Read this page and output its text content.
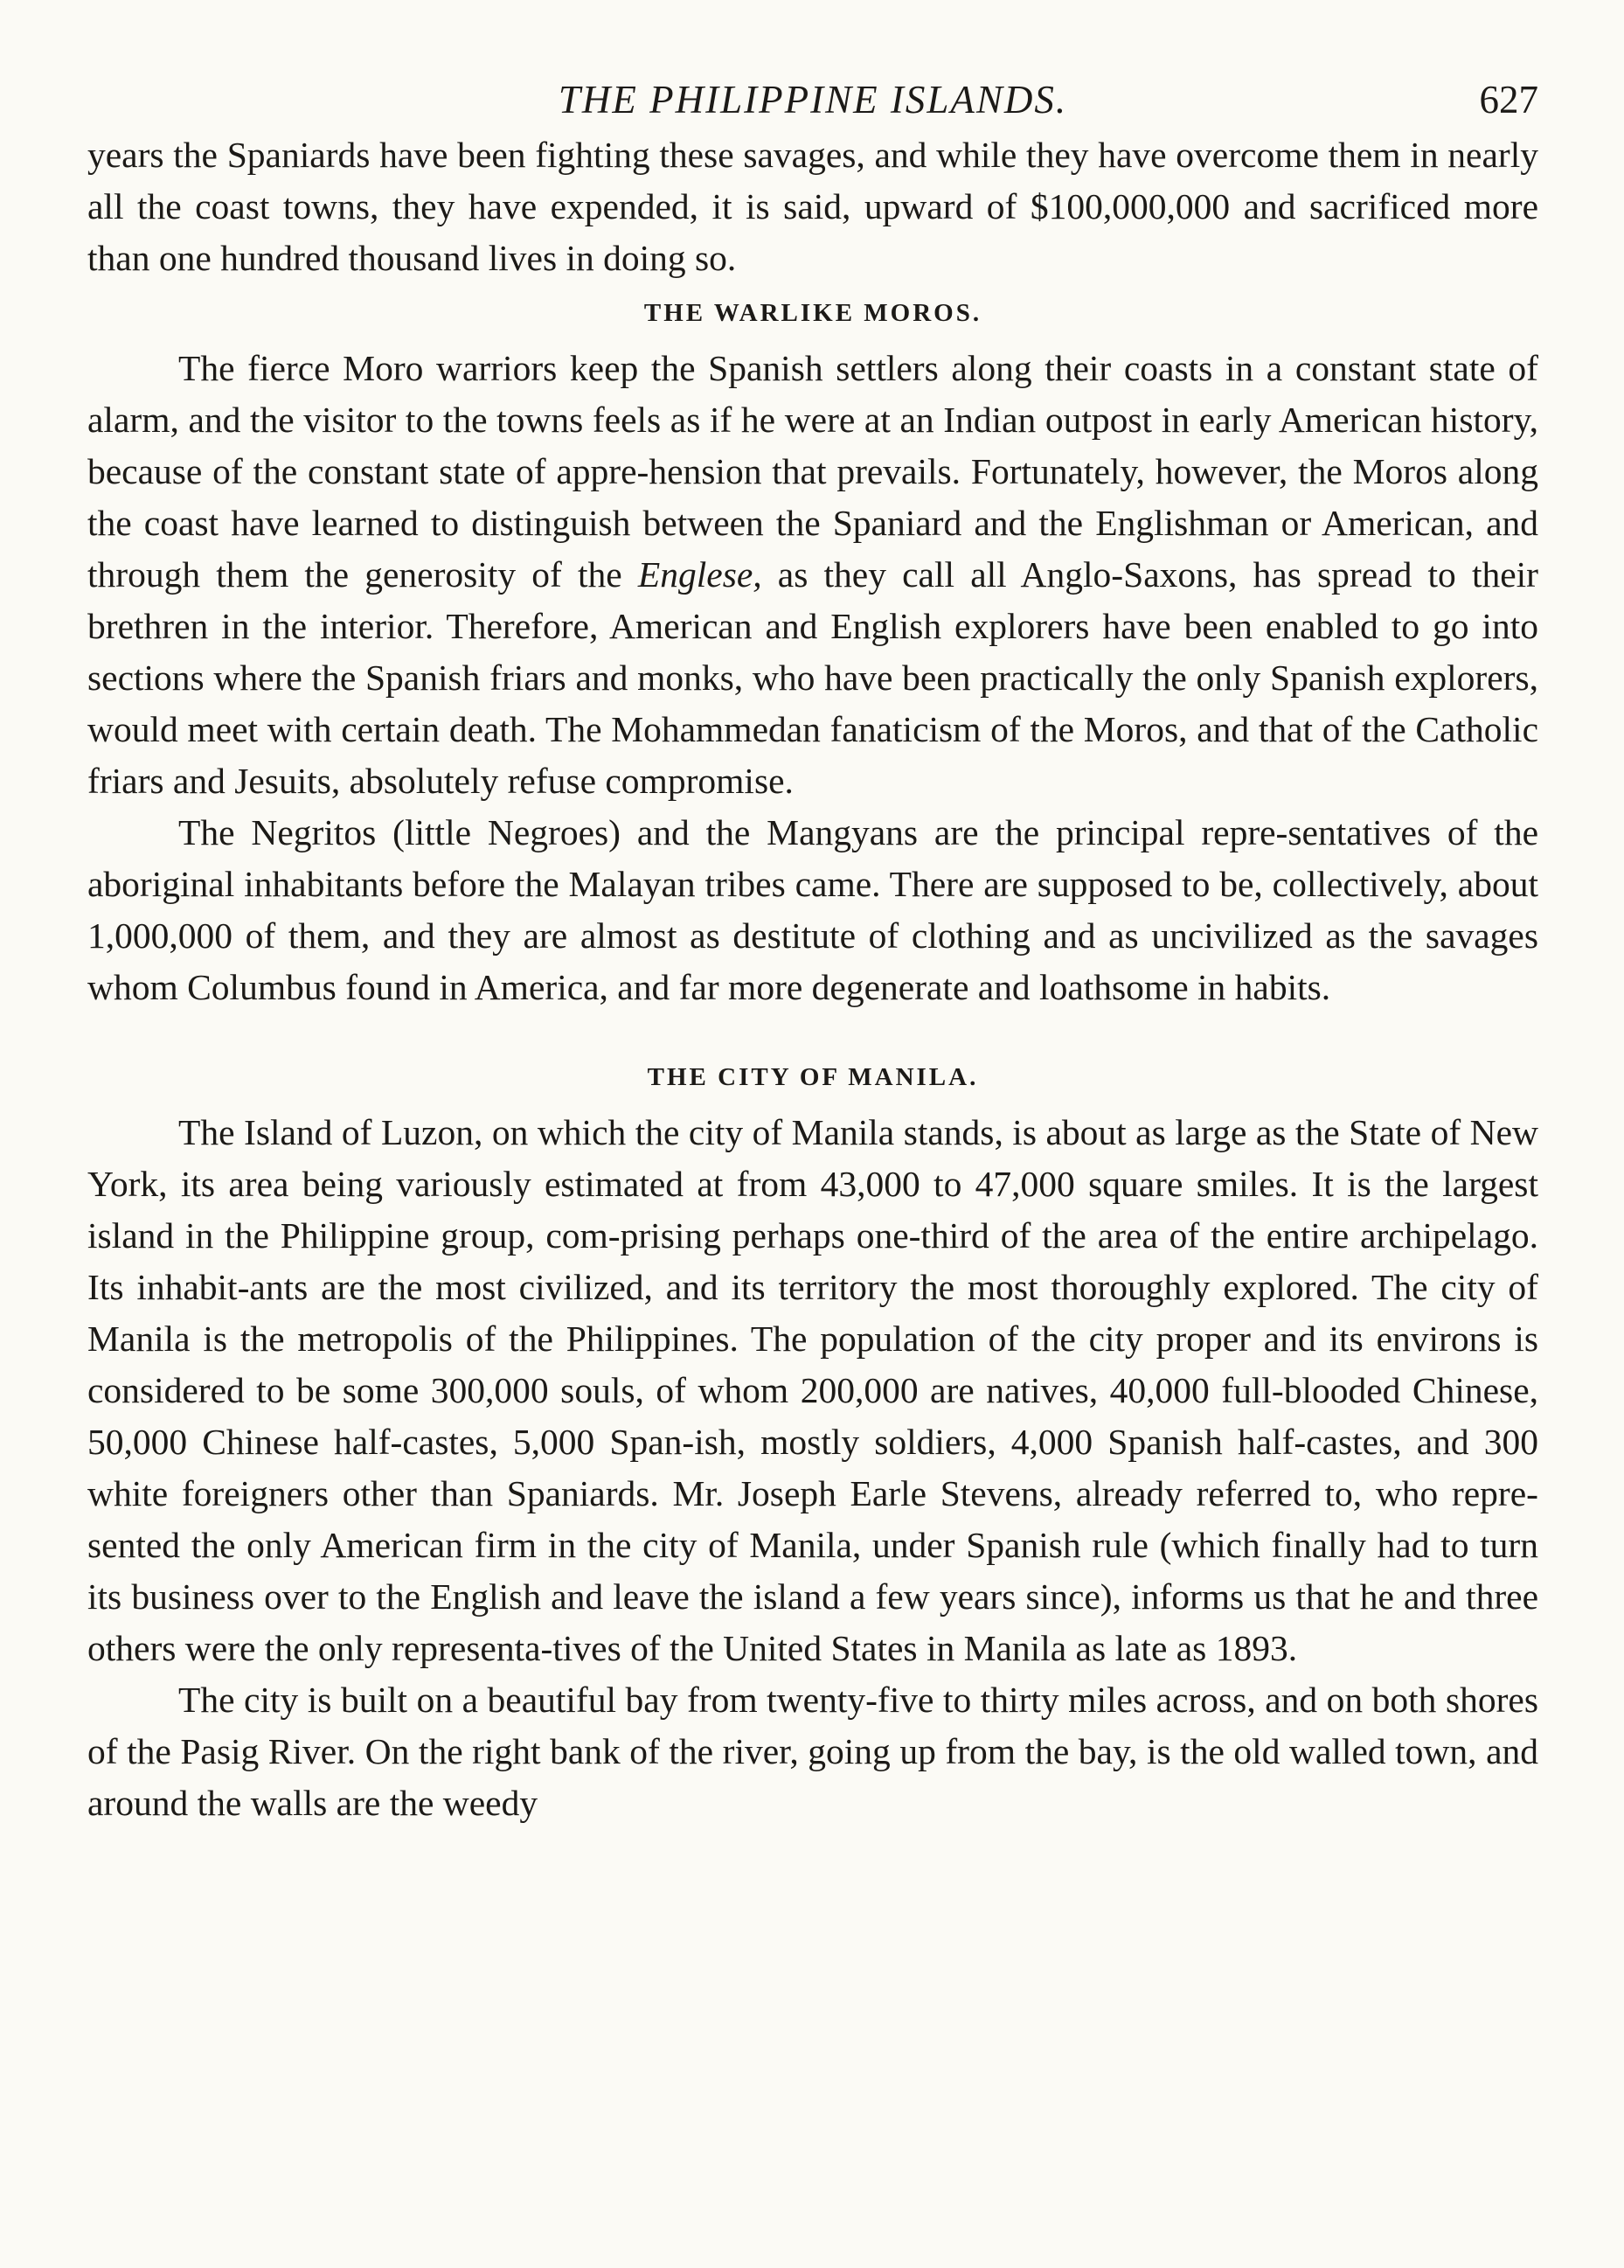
THE PHILIPPINE ISLANDS.	627

years the Spaniards have been fighting these savages, and while they have overcome them in nearly all the coast towns, they have expended, it is said, upward of $100,000,000 and sacrificed more than one hundred thousand lives in doing so.

THE WARLIKE MOROS.

The fierce Moro warriors keep the Spanish settlers along their coasts in a constant state of alarm, and the visitor to the towns feels as if he were at an Indian outpost in early American history, because of the constant state of appre-hension that prevails. Fortunately, however, the Moros along the coast have learned to distinguish between the Spaniard and the Englishman or American, and through them the generosity of the Englese, as they call all Anglo-Saxons, has spread to their brethren in the interior. Therefore, American and English explorers have been enabled to go into sections where the Spanish friars and monks, who have been practically the only Spanish explorers, would meet with certain death. The Mohammedan fanaticism of the Moros, and that of the Catholic friars and Jesuits, absolutely refuse compromise.

The Negritos (little Negroes) and the Mangyans are the principal repre-sentatives of the aboriginal inhabitants before the Malayan tribes came. There are supposed to be, collectively, about 1,000,000 of them, and they are almost as destitute of clothing and as uncivilized as the savages whom Columbus found in America, and far more degenerate and loathsome in habits.

THE CITY OF MANILA.

The Island of Luzon, on which the city of Manila stands, is about as large as the State of New York, its area being variously estimated at from 43,000 to 47,000 square smiles. It is the largest island in the Philippine group, com-prising perhaps one-third of the area of the entire archipelago. Its inhabit-ants are the most civilized, and its territory the most thoroughly explored. The city of Manila is the metropolis of the Philippines. The population of the city proper and its environs is considered to be some 300,000 souls, of whom 200,000 are natives, 40,000 full-blooded Chinese, 50,000 Chinese half-castes, 5,000 Span-ish, mostly soldiers, 4,000 Spanish half-castes, and 300 white foreigners other than Spaniards. Mr. Joseph Earle Stevens, already referred to, who repre-sented the only American firm in the city of Manila, under Spanish rule (which finally had to turn its business over to the English and leave the island a few years since), informs us that he and three others were the only representa-tives of the United States in Manila as late as 1893.

The city is built on a beautiful bay from twenty-five to thirty miles across, and on both shores of the Pasig River. On the right bank of the river, going up from the bay, is the old walled town, and around the walls are the weedy
